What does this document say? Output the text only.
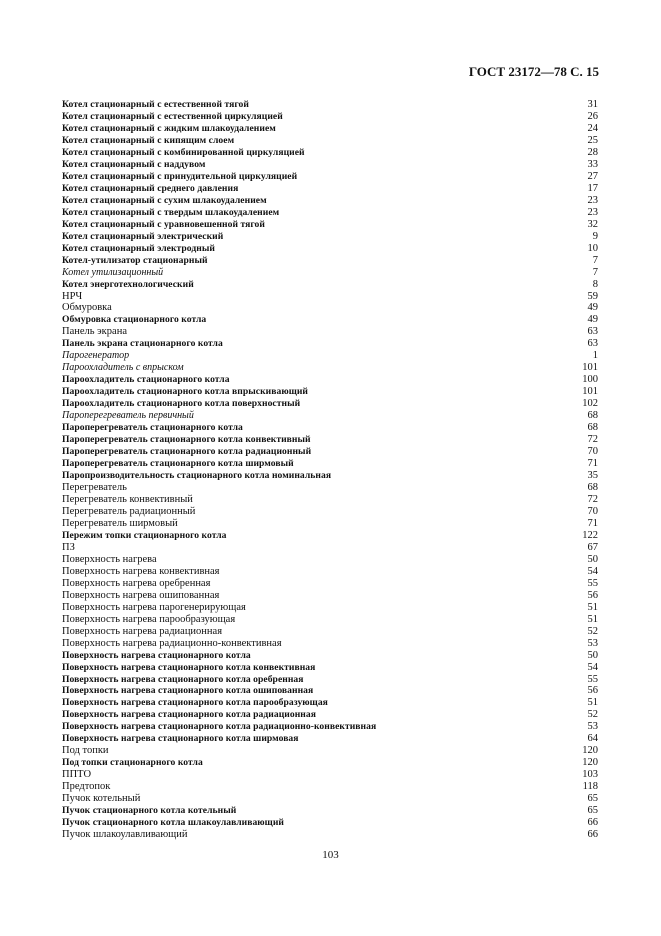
ГОСТ 23172—78 С. 15
Котел стационарный с естественной тягой	31
Котел стационарный с естественной циркуляцией	26
Котел стационарный с жидким шлакоудалением	24
Котел стационарный с кипящим слоем	25
Котел стационарный с комбинированной циркуляцией	28
Котел стационарный с наддувом	33
Котел стационарный с принудительной циркуляцией	27
Котел стационарный среднего давления	17
Котел стационарный с сухим шлакоудалением	23
Котел стационарный с твердым шлакоудалением	23
Котел стационарный с уравновешенной тягой	32
Котел стационарный электрический	9
Котел стационарный электродный	10
Котел-утилизатор стационарный	7
Котел утилизационный	7
Котел энерготехнологический	8
НРЧ	59
Обмуровка	49
Обмуровка стационарного котла	49
Панель экрана	63
Панель экрана стационарного котла	63
Парогенератор	1
Пароохладитель с впрыском	101
Пароохладитель стационарного котла	100
Пароохладитель стационарного котла впрыскивающий	101
Пароохладитель стационарного котла поверхностный	102
Пароперегреватель первичный	68
Пароперегреватель стационарного котла	68
Пароперегреватель стационарного котла конвективный	72
Пароперегреватель стационарного котла радиационный	70
Пароперегреватель стационарного котла ширмовый	71
Паропроизводительность стационарного котла номинальная	35
Перегреватель	68
Перегреватель конвективный	72
Перегреватель радиационный	70
Перегреватель ширмовый	71
Пережим топки стационарного котла	122
ПЗ	67
Поверхность нагрева	50
Поверхность нагрева конвективная	54
Поверхность нагрева оребренная	55
Поверхность нагрева ошипованная	56
Поверхность нагрева парогенерирующая	51
Поверхность нагрева парообразующая	51
Поверхность нагрева радиационная	52
Поверхность нагрева радиационно-конвективная	53
Поверхность нагрева стационарного котла	50
Поверхность нагрева стационарного котла конвективная	54
Поверхность нагрева стационарного котла оребренная	55
Поверхность нагрева стационарного котла ошипованная	56
Поверхность нагрева стационарного котла парообразующая	51
Поверхность нагрева стационарного котла радиационная	52
Поверхность нагрева стационарного котла радиационно-конвективная	53
Поверхность нагрева стационарного котла ширмовая	64
Под топки	120
Под топки стационарного котла	120
ППТО	103
Предтопок	118
Пучок котельный	65
Пучок стационарного котла котельный	65
Пучок стационарного котла шлакоулавливающий	66
Пучок шлакоулавливающий	66
103
